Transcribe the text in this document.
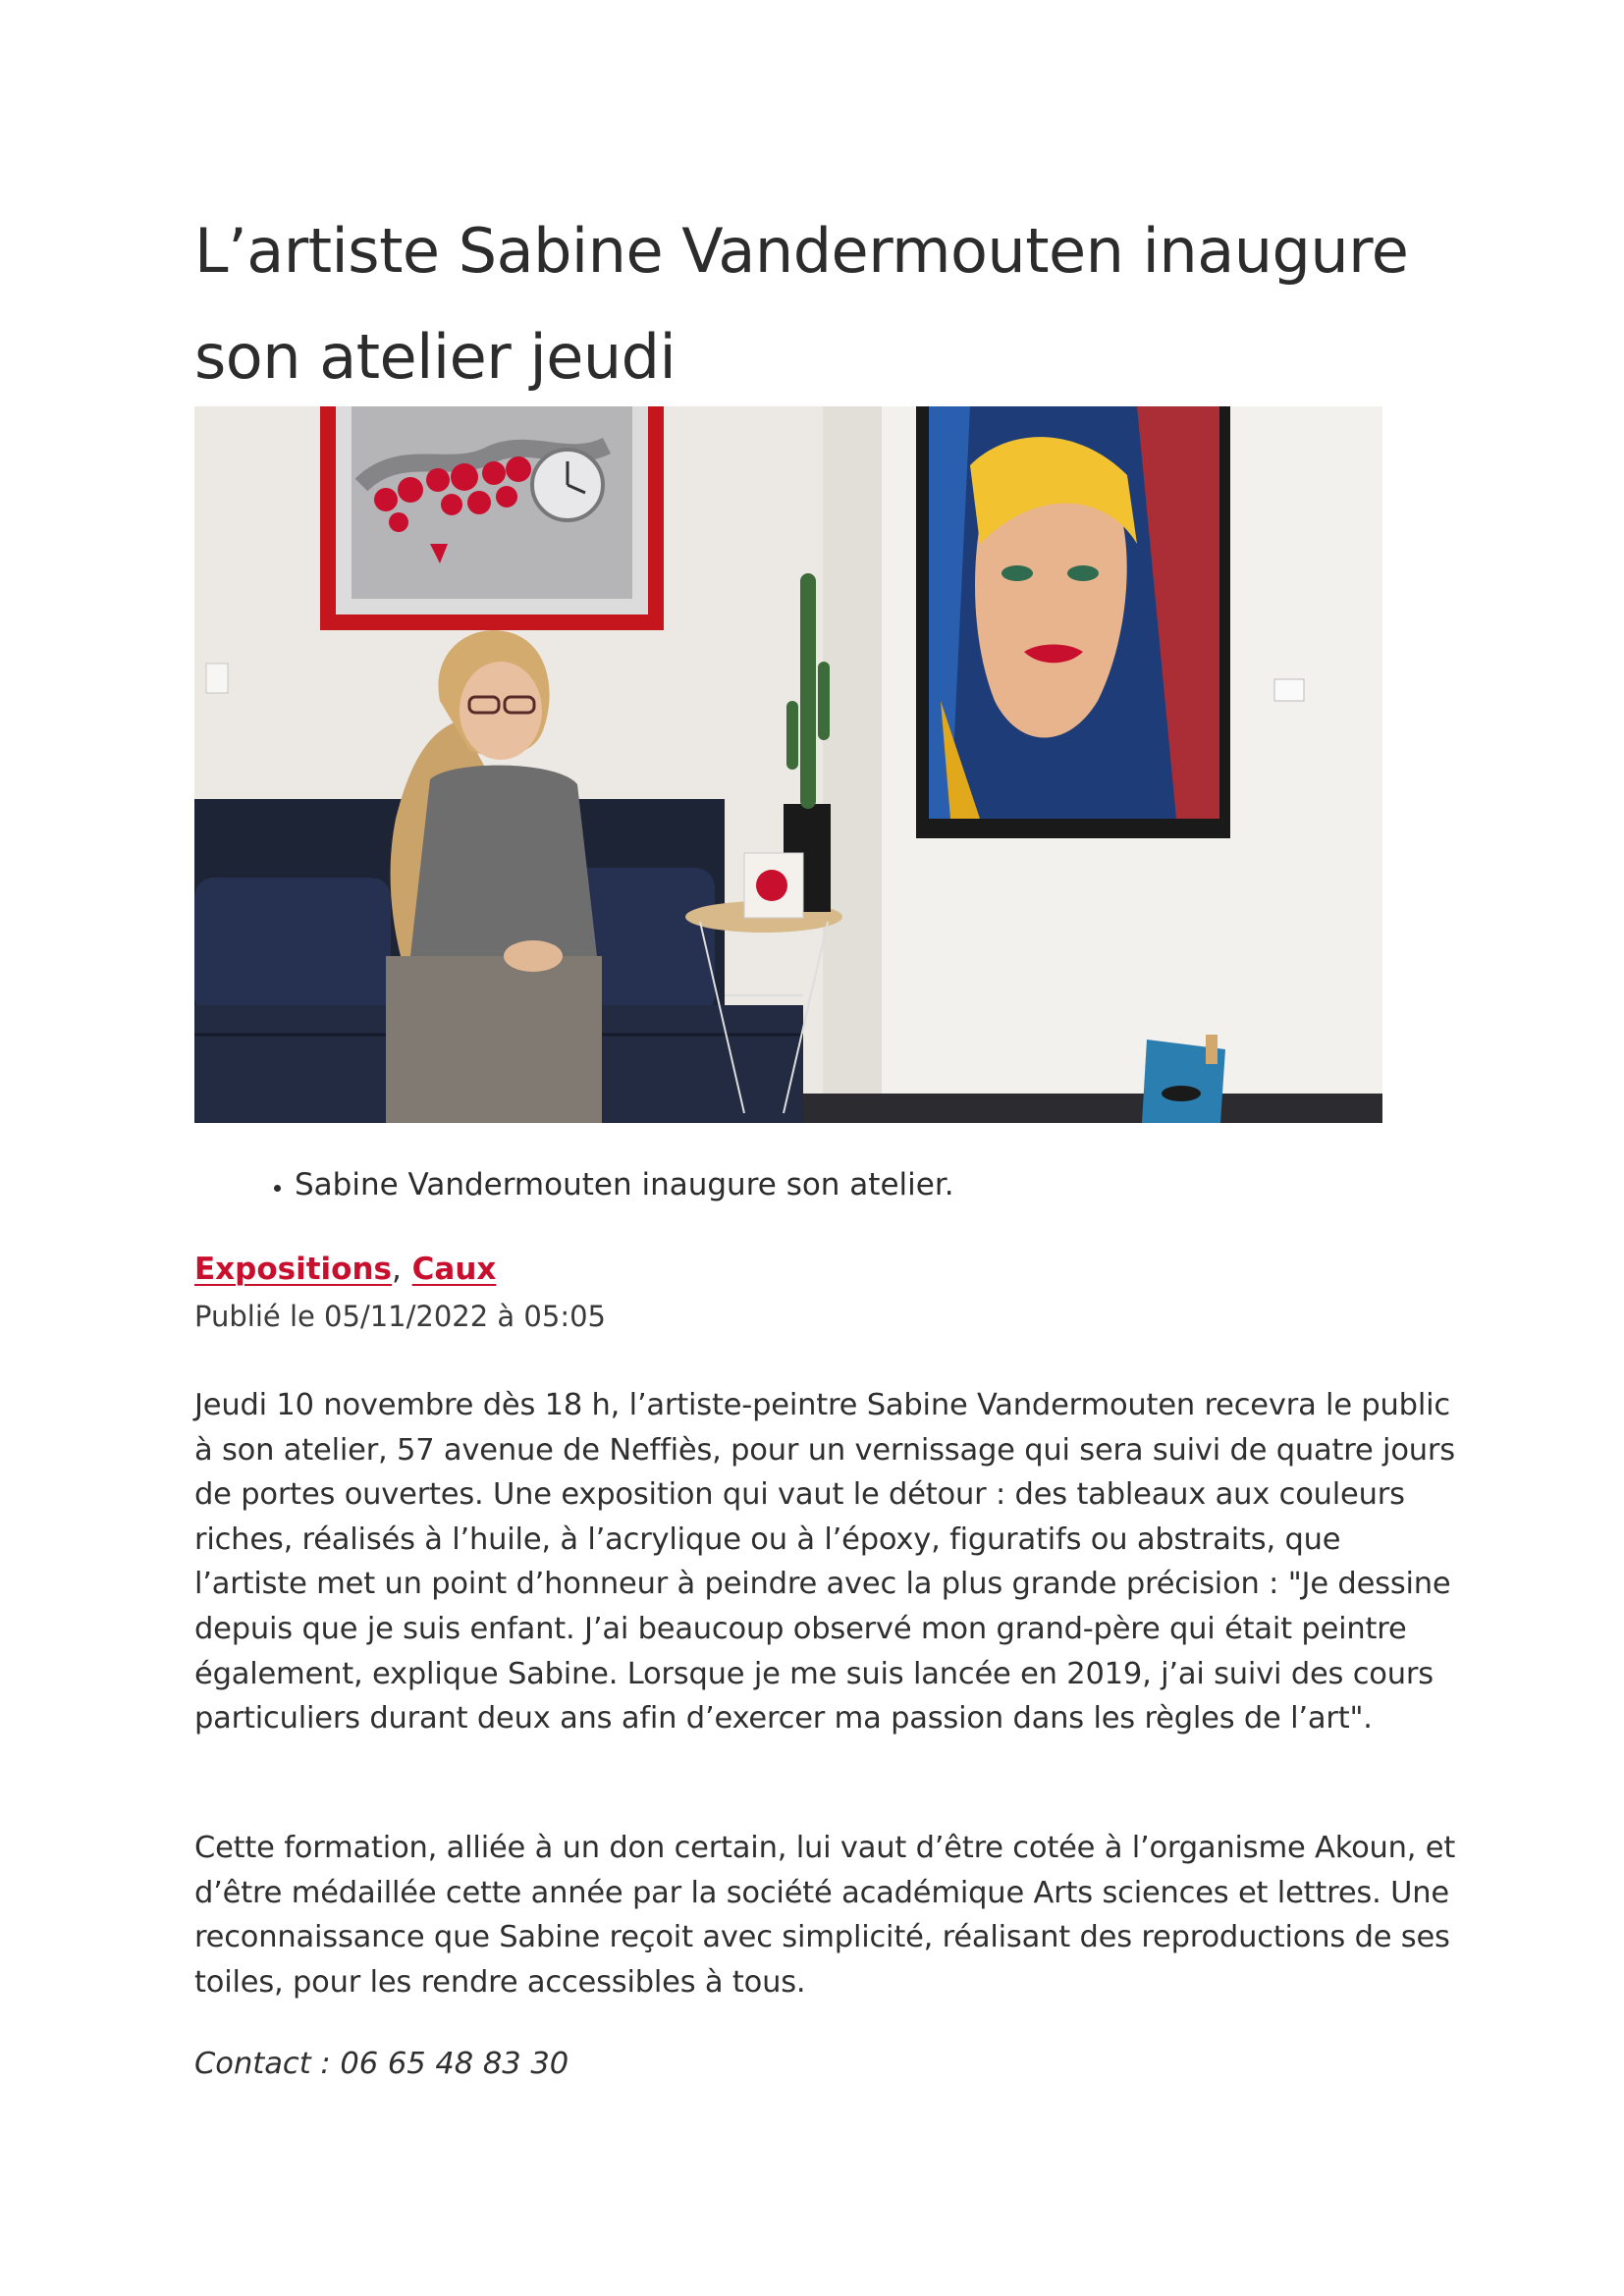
L’artiste Sabine Vandermouten inaugure son atelier jeudi
• Sabine Vandermouten inaugure son atelier.
Expositions, Caux
Publié le 05/11/2022 à 05:05

Jeudi 10 novembre dès 18 h, l’artiste-peintre Sabine Vandermouten recevra le public à son atelier, 57 avenue de Neffiès, pour un vernissage qui sera suivi de quatre jours de portes ouvertes. Une exposition qui vaut le détour : des tableaux aux couleurs riches, réalisés à l’huile, à l’acrylique ou à l’époxy, figuratifs ou abstraits, que l’artiste met un point d’honneur à peindre avec la plus grande précision : "Je dessine depuis que je suis enfant. J’ai beaucoup observé mon grand-père qui était peintre également, explique Sabine. Lorsque je me suis lancée en 2019, j’ai suivi des cours particuliers durant deux ans afin d’exercer ma passion dans les règles de l’art".

Cette formation, alliée à un don certain, lui vaut d’être cotée à l’organisme Akoun, et d’être médaillée cette année par la société académique Arts sciences et lettres. Une reconnaissance que Sabine reçoit avec simplicité, réalisant des reproductions de ses toiles, pour les rendre accessibles à tous.

Contact : 06 65 48 83 30
